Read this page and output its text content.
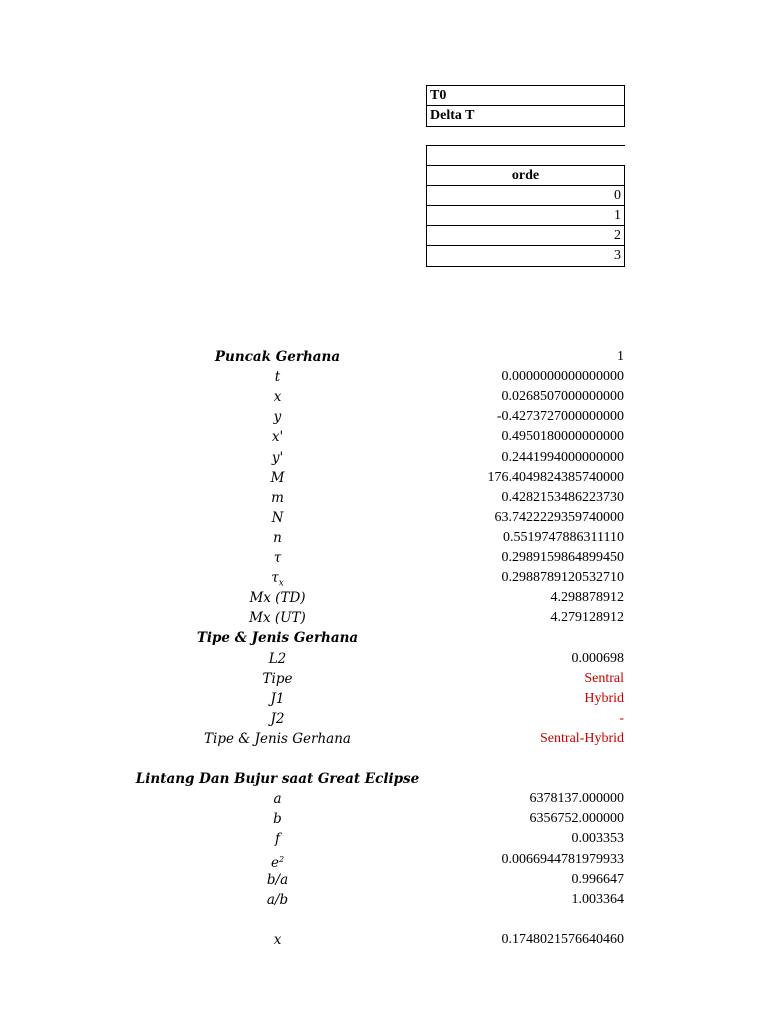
T0
Delta T
orde
0
1
2
3
Puncak Gerhana	1
t	0.0000000000000000
x	0.0268507000000000
y	-0.4273727000000000
x'	0.4950180000000000
y'	0.2441994000000000
M	176.4049824385740000
m	0.4282153486223730
N	63.7422229359740000
n	0.5519747886311110
τ	0.2989159864899450
$\tau_x$	0.2988789120532710
Mx (TD)	4.298878912
Mx (UT)	4.279128912
Tipe & Jenis Gerhana
L2	0.000698
Tipe	Sentral
J1	Hybrid
J2	-
Tipe & Jenis Gerhana	Sentral-Hybrid
Lintang Dan Bujur saat Great Eclipse
a	6378137.000000
b	6356752.000000
f	0.003353
$e^2$	0.0066944781979933
b/a	0.996647
a/b	1.003364
x	0.1748021576640460
